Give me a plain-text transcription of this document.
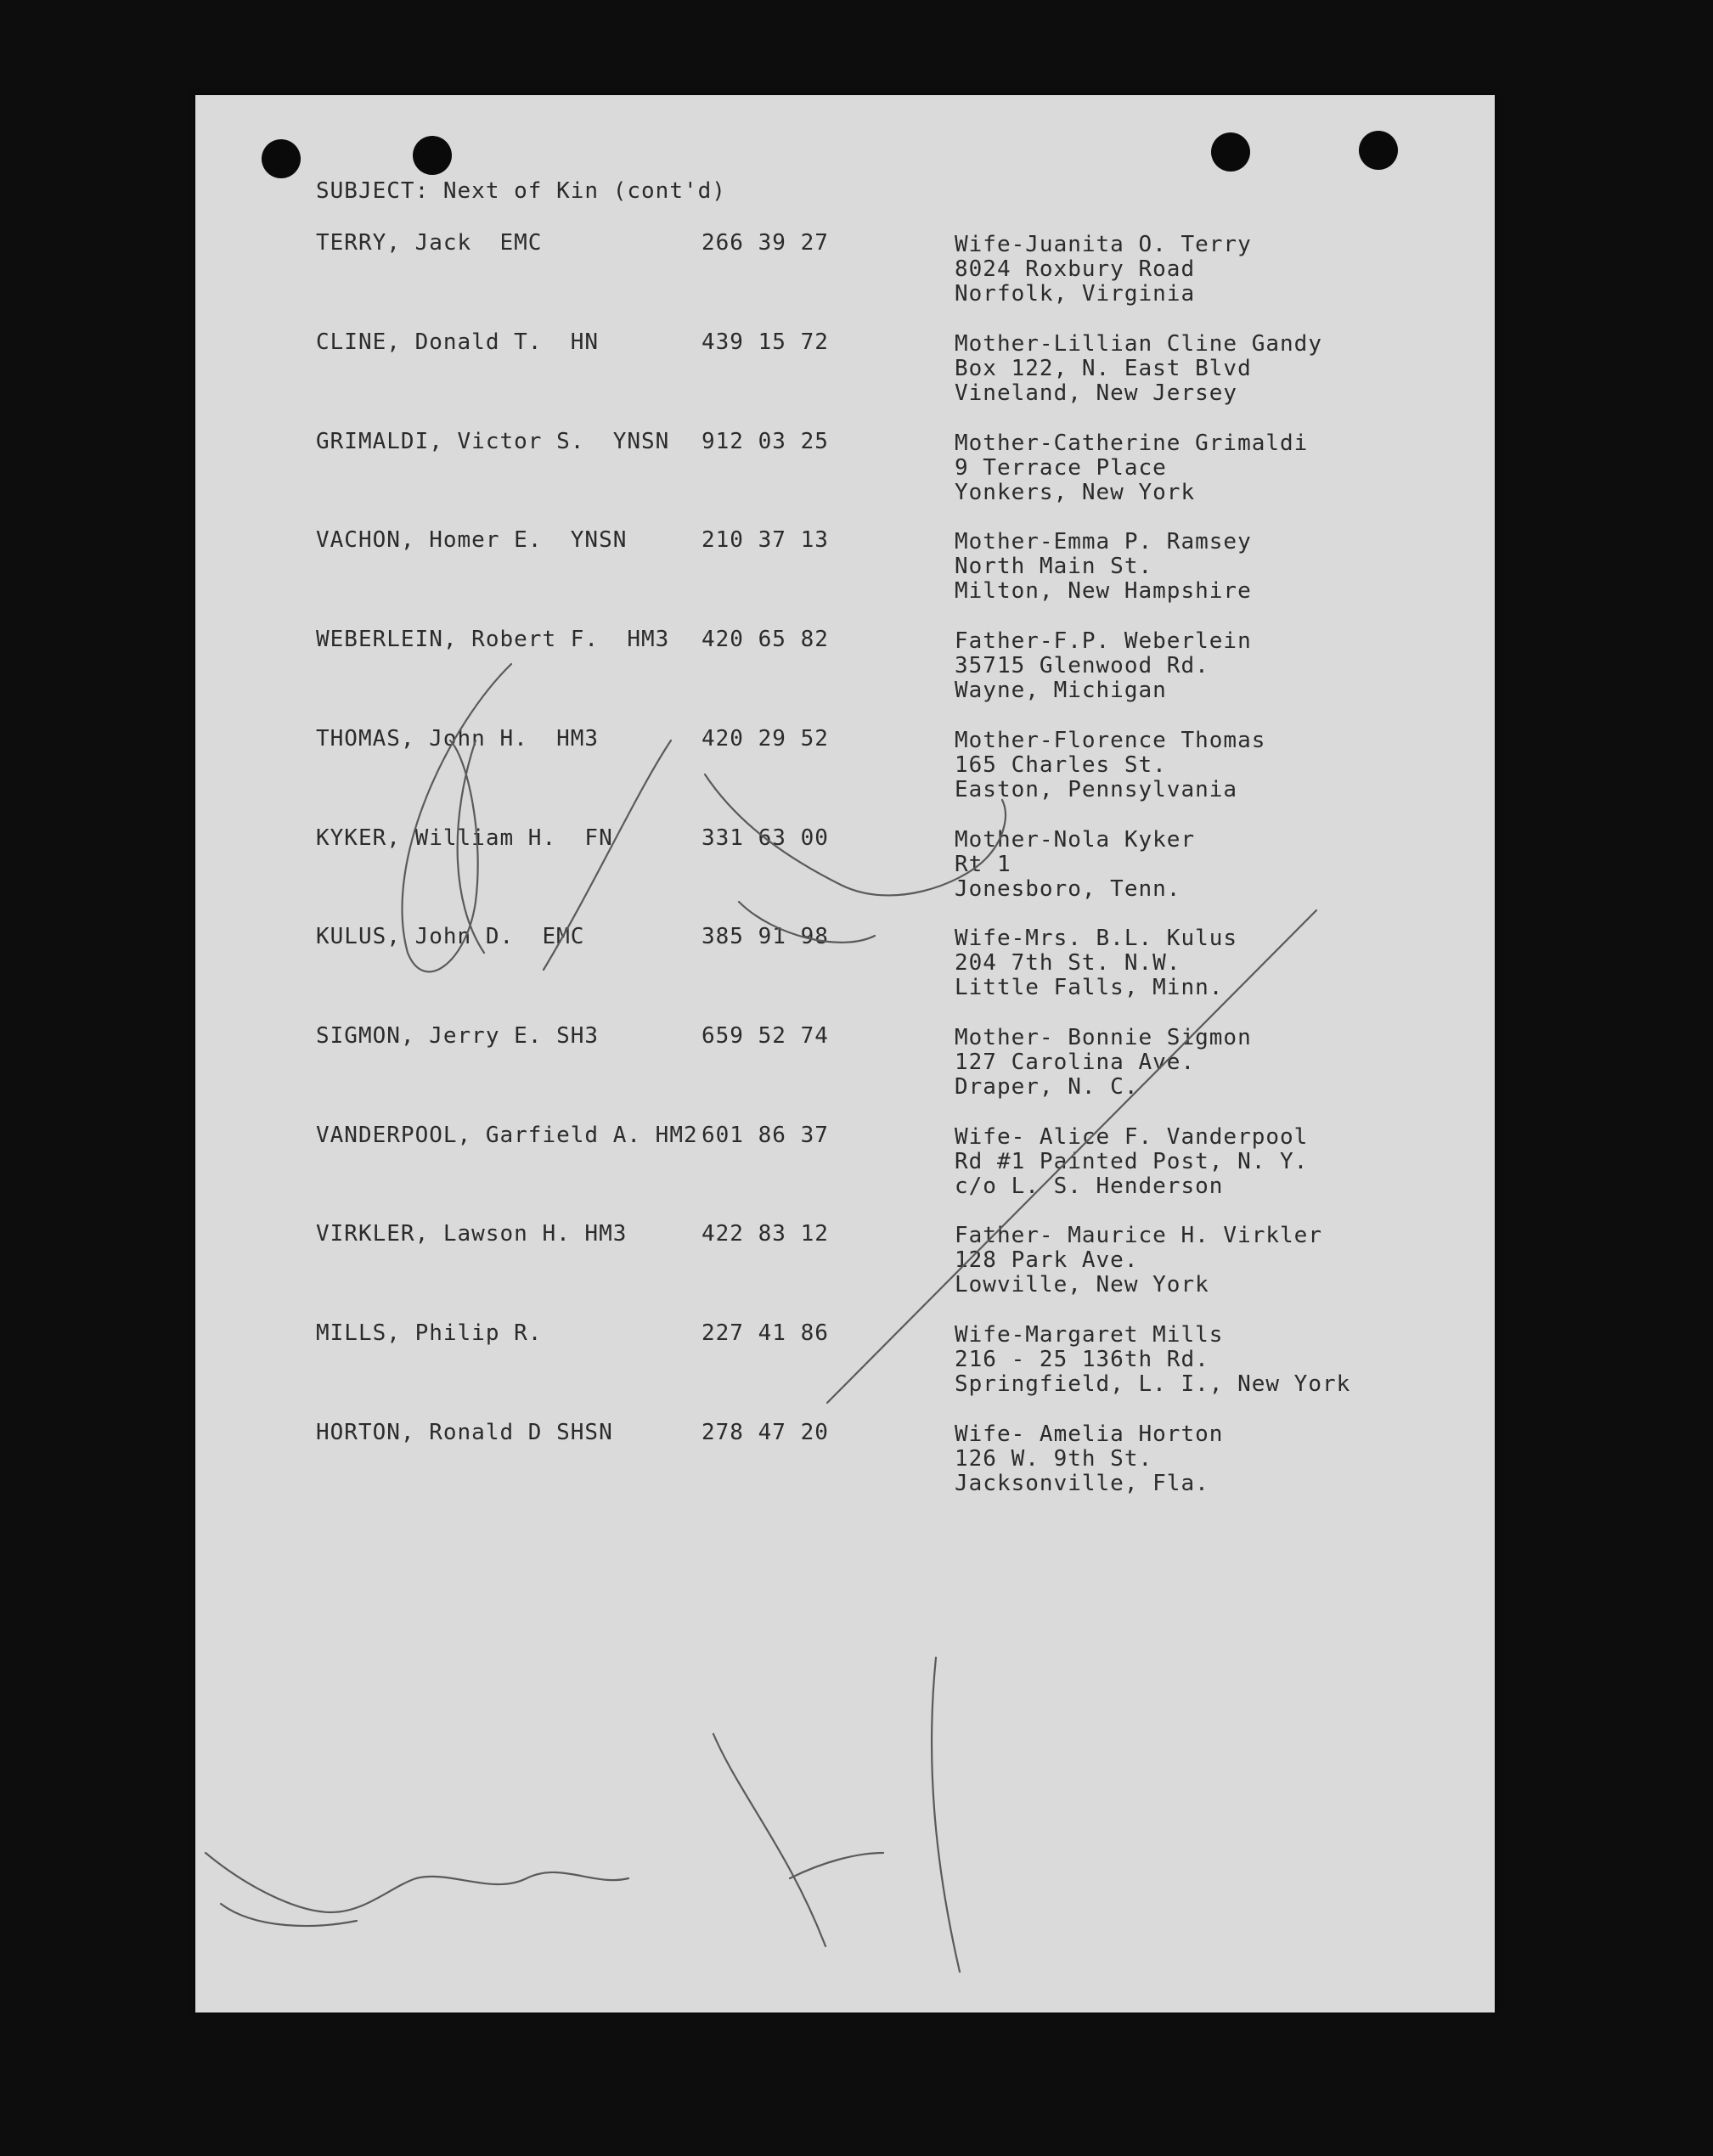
SUBJECT: Next of Kin (cont'd)
TERRY, Jack  EMC	266 39 27	Wife-Juanita O. Terry
8024 Roxbury Road
Norfolk, Virginia
CLINE, Donald T.  HN	439 15 72	Mother-Lillian Cline Gandy
Box 122, N. East Blvd
Vineland, New Jersey
GRIMALDI, Victor S.  YNSN 912 03 25	Mother-Catherine Grimaldi
9 Terrace Place
Yonkers, New York
VACHON, Homer E.  YNSN	210 37 13	Mother-Emma P. Ramsey
North Main St.
Milton, New Hampshire
WEBERLEIN, Robert F.  HM3 420 65 82	Father-F.P. Weberlein
35715 Glenwood Rd.
Wayne, Michigan
THOMAS, John H.  HM3	420 29 52	Mother-Florence Thomas
165 Charles St.
Easton, Pennsylvania
KYKER, William H.  FN	331 63 00	Mother-Nola Kyker
Rt 1
Jonesboro, Tenn.
KULUS, John D.  EMC	385 91 98	Wife-Mrs. B.L. Kulus
204 7th St. N.W.
Little Falls, Minn.
SIGMON, Jerry E. SH3	659 52 74	Mother- Bonnie Sigmon
127 Carolina Ave.
Draper, N. C.
VANDERPOOL, Garfield A. HM2 601 86 37	Wife- Alice F. Vanderpool
Rd #1 Painted Post, N. Y.
c/o L. S. Henderson
VIRKLER, Lawson H. HM3	422 83 12	Father- Maurice H. Virkler
128 Park Ave.
Lowville, New York
MILLS, Philip R.	227 41 86	Wife-Margaret Mills
216 - 25 136th Rd.
Springfield, L. I., New York
HORTON, Ronald D SHSN	278 47 20	Wife- Amelia Horton
126 W. 9th St.
Jacksonville, Fla.
